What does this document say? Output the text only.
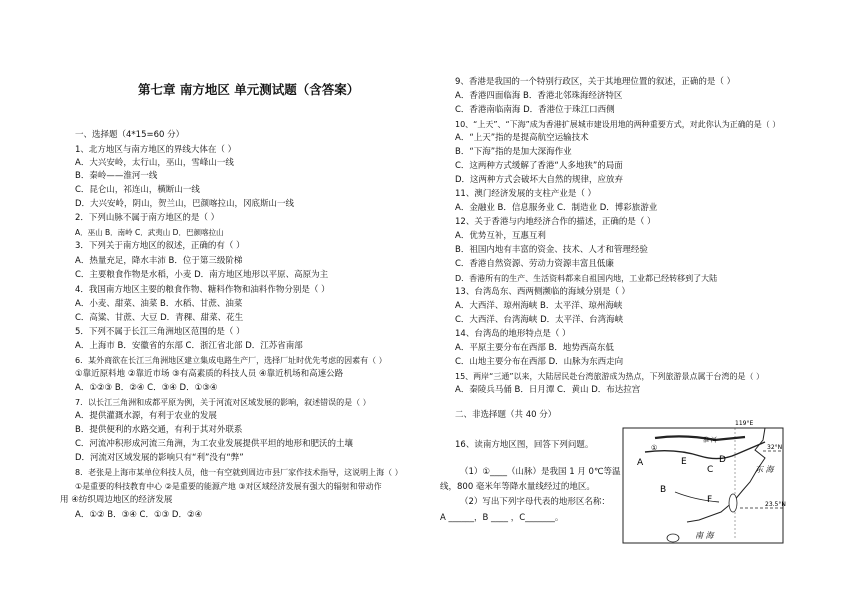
第七章 南方地区 单元测试题（含答案）
一、选择题（4*15=60 分）
1、北方地区与南方地区的界线大体在（ ）
A．大兴安岭，太行山，巫山，雪峰山一线
B．秦岭——淮河一线
C．昆仑山，祁连山，横断山一线
D．大兴安岭，阴山，贺兰山，巴颜喀拉山，冈底斯山一线
2．下列山脉不属于南方地区的是（ ）
A．巫山 B．南岭 C．武夷山 D．巴颜喀拉山
3．下列关于南方地区的叙述，正确的有（ ）
A．热量充足，降水丰沛 B．位于第三级阶梯
C．主要粮食作物是水稻，小麦 D．南方地区地形以平原、高原为主
4．我国南方地区主要的粮食作物、糖料作物和油料作物分别是（ ）
A．小麦、甜菜、油菜 B．水稻、甘蔗、油菜
C．高粱、甘蔗、大豆 D．青稞、甜菜、花生
5．下列不属于长江三角洲地区范围的是（ ）
A．上海市 B．安徽省的东部 C．浙江省北部 D．江苏省南部
6．某外商欲在长江三角洲地区建立集成电路生产厂，选择厂址时优先考虑的因素有（ ）
①靠近原料地 ②靠近市场 ③有高素质的科技人员 ④靠近机场和高速公路
A．①②③ B．②④ C．③④ D．①③④
7．以长江三角洲和成都平原为例，关于河流对区域发展的影响，叙述错误的是（ ）
A．提供灌溉水源，有利于农业的发展
B．提供便利的水路交通，有利于其对外联系
C．河流冲积形成河流三角洲，为工农业发展提供平坦的地形和肥沃的土壤
D．河流对区域发展的影响只有“利”没有“弊”
8．老张是上海市某单位科技人员，他一有空就到周边市县厂家作技术指导，这说明上海（ ）
①是重要的科技教育中心 ②是重要的能源产地 ③对区域经济发展有强大的辐射和带动作
用 ④纺织周边地区的经济发展
A．①② B．③④ C．①③ D．②④
9、香港是我国的一个特别行政区，关于其地理位置的叙述，正确的是（ ）
A．香港四面临海 B．香港北邻珠海经济特区
C．香港南临南海 D．香港位于珠江口西侧
10、“上天”、“下海”成为香港扩展城市建设用地的两种重要方式，对此你认为正确的是（ ）
A．“上天”指的是提高航空运输技术
B．“下海”指的是加大深海作业
C．这两种方式缓解了香港“人多地狭”的局面
D．这两种方式会破坏大自然的规律，应放弃
11、澳门经济发展的支柱产业是（ ）
A．金融业 B．信息服务业 C．制造业 D．博彩旅游业
12、关于香港与内地经济合作的描述，正确的是（ ）
A．优势互补，互惠互利
B．祖国内地有丰富的资金、技术、人才和管理经验
C．香港自然资源、劳动力资源丰富且低廉
D．香港所有的生产、生活资料都来自祖国内地，工业都已经转移到了大陆
13、台湾岛东、西两侧濒临的海域分别是（ ）
A．大西洋、琼州海峡 B．太平洋、琼州海峡
C．大西洋、台湾海峡 D．太平洋、台湾海峡
14、台湾岛的地形特点是（ ）
A．平原主要分布在西部 B．地势西高东低
C．山地主要分布在西部 D．山脉为东西走向
15、两岸“三通”以来，大陆居民赴台湾旅游成为热点，下列旅游景点属于台湾的是（ ）
A．秦陵兵马俑 B．日月潭 C．黄山 D．布达拉宫
二、非选择题（共 40 分）
16、读南方地区图，回答下列问题。
（1）①____（山脉）是我国 1 月 0℃等温
线，800 毫米年等降水量线经过的地区。
（2）写出下列字母代表的地形区名称：
A ______，B ____ ，C_______。
119°E
32°N
23.5°N
东 海
南 海
淮 河
A	E
B
C
D
F
①
